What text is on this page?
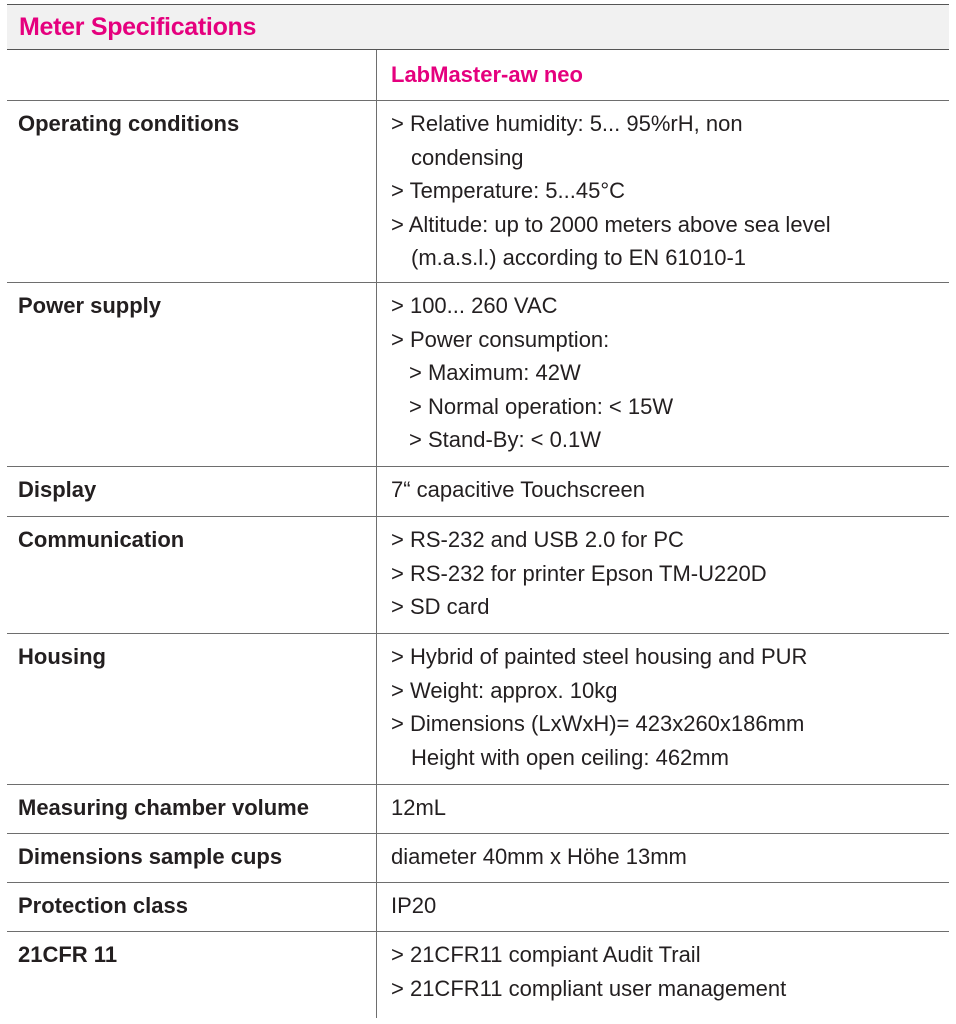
Meter Specifications
LabMaster-aw neo
Operating conditions	> Relative humidity: 5... 95%rH, non
condensing
> Temperature: 5...45°C
> Altitude: up to 2000 meters above sea level
(m.a.s.l.) according to EN 61010-1
Power supply	> 100... 260 VAC
> Power consumption:
> Maximum: 42W
> Normal operation: < 15W
> Stand-By: < 0.1W
Display	7“ capacitive Touchscreen
Communication	> RS-232 and USB 2.0 for PC
> RS-232 for printer Epson TM-U220D
> SD card
Housing	> Hybrid of painted steel housing and PUR
> Weight: approx. 10kg
> Dimensions (LxWxH)= 423x260x186mm
Height with open ceiling: 462mm
Measuring chamber volume	12mL
Dimensions sample cups	diameter 40mm x Höhe 13mm
Protection class	IP20
21CFR 11	> 21CFR11 compiant Audit Trail
> 21CFR11 compliant user management
